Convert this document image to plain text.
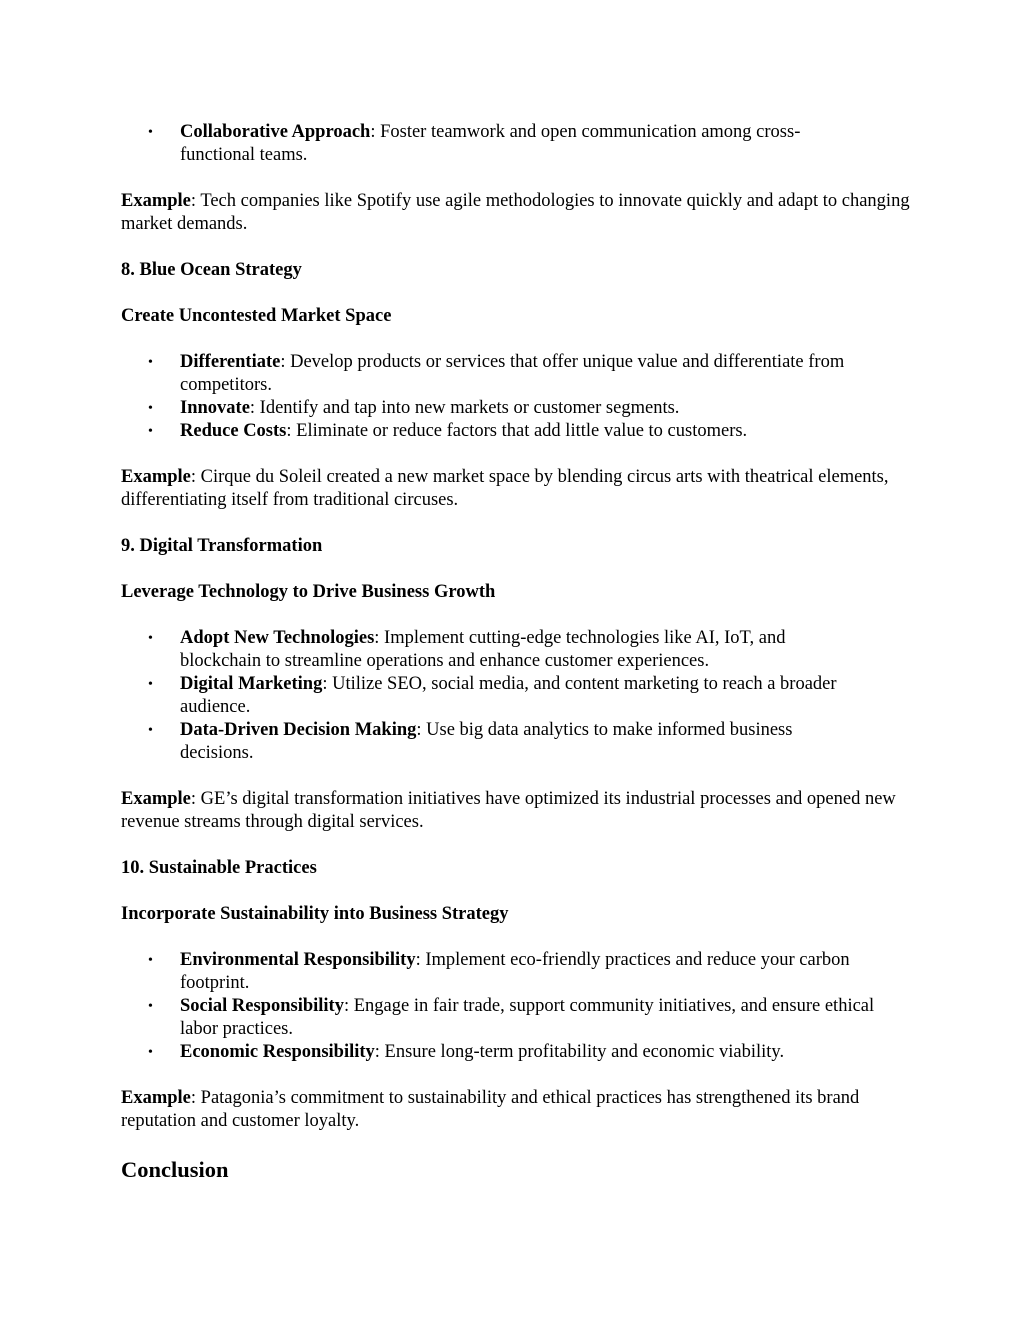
• Collaborative Approach: Foster teamwork and open communication among cross-functional teams.

Example: Tech companies like Spotify use agile methodologies to innovate quickly and adapt to changing market demands.

8. Blue Ocean Strategy

Create Uncontested Market Space

• Differentiate: Develop products or services that offer unique value and differentiate from competitors.
• Innovate: Identify and tap into new markets or customer segments.
• Reduce Costs: Eliminate or reduce factors that add little value to customers.

Example: Cirque du Soleil created a new market space by blending circus arts with theatrical elements, differentiating itself from traditional circuses.

9. Digital Transformation

Leverage Technology to Drive Business Growth

• Adopt New Technologies: Implement cutting-edge technologies like AI, IoT, and blockchain to streamline operations and enhance customer experiences.
• Digital Marketing: Utilize SEO, social media, and content marketing to reach a broader audience.
• Data-Driven Decision Making: Use big data analytics to make informed business decisions.

Example: GE’s digital transformation initiatives have optimized its industrial processes and opened new revenue streams through digital services.

10. Sustainable Practices

Incorporate Sustainability into Business Strategy

• Environmental Responsibility: Implement eco-friendly practices and reduce your carbon footprint.
• Social Responsibility: Engage in fair trade, support community initiatives, and ensure ethical labor practices.
• Economic Responsibility: Ensure long-term profitability and economic viability.

Example: Patagonia’s commitment to sustainability and ethical practices has strengthened its brand reputation and customer loyalty.

Conclusion
